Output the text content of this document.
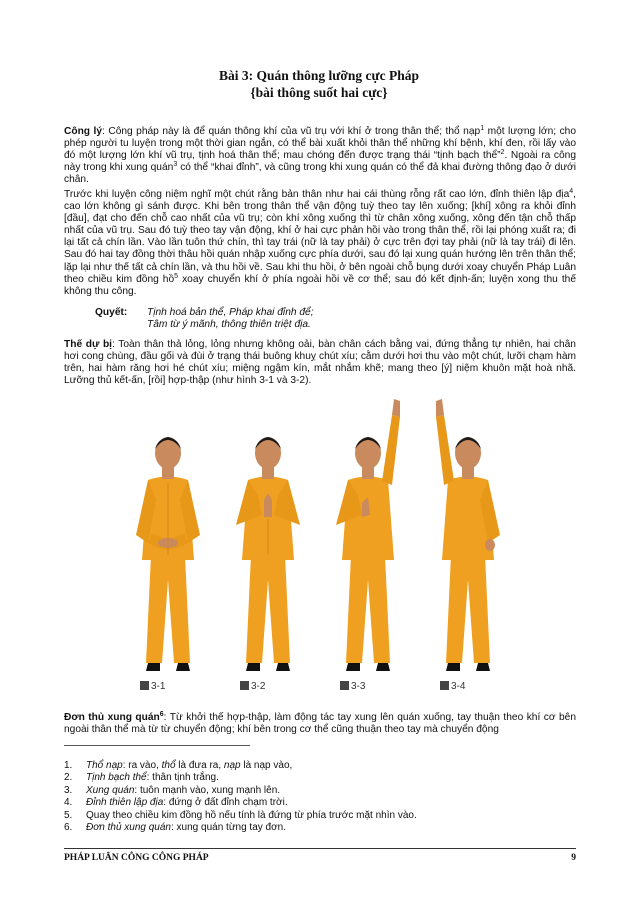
Bài 3: Quán thông lưỡng cực Pháp
{bài thông suốt hai cực}

Công lý: Công pháp này là để quán thông khí của vũ trụ với khí ở trong thân thể; thổ nạp$^1$ một lượng lớn; cho phép người tu luyện trong một thời gian ngắn, có thể bài xuất khỏi thân thể những khí bệnh, khí đen, rồi lấy vào đó một lượng lớn khí vũ trụ, tịnh hoá thân thể; mau chóng đến được trạng thái “tịnh bạch thể”$^2$. Ngoài ra công này trong khi xung quán$^3$ có thể “khai đỉnh”, và cũng trong khi xung quán có thể đả khai đường thông đạo ở dưới chân.

Trước khi luyện công niệm nghĩ một chút rằng bản thân như hai cái thùng rỗng rất cao lớn, đỉnh thiên lập địa$^4$, cao lớn không gì sánh được. Khi bên trong thân thể vận động tuỳ theo tay lên xuống; [khí] xông ra khỏi đỉnh [đầu], đạt cho đến chỗ cao nhất của vũ trụ; còn khí xông xuống thì từ chân xông xuống, xông đến tận chỗ thấp nhất của vũ trụ. Sau đó tuỳ theo tay vận động, khí ở hai cực phản hồi vào trong thân thể, rồi lại phóng xuất ra; đi lại tất cả chín lần. Vào lần tuôn thứ chín, thì tay trái (nữ là tay phải) ở cực trên đợi tay phải (nữ là tay trái) đi lên. Sau đó hai tay đồng thời thâu hồi quán nhập xuống cực phía dưới, sau đó lại xung quán hướng lên trên thân thể; lặp lại như thế tất cả chín lần, và thu hồi về. Sau khi thu hồi, ở bên ngoài chỗ bụng dưới xoay chuyển Pháp Luân theo chiều kim đồng hồ$^5$ xoay chuyển khí ở phía ngoài hồi về cơ thể; sau đó kết định-ấn; luyện xong thu thế không thu công.

Quyết: Tịnh hoá bản thể, Pháp khai đỉnh để;
Tâm từ ý mãnh, thông thiên triệt địa.

Thế dự bị: Toàn thân thả lỏng, lỏng nhưng không oải, bàn chân cách bằng vai, đứng thẳng tự nhiên, hai chân hơi cong chùng, đầu gối và đùi ở trạng thái buông khuỵ chút xíu; cằm dưới hơi thu vào một chút, lưỡi chạm hàm trên, hai hàm răng hơi hé chút xíu; miệng ngậm kín, mắt nhắm khẽ; mang theo [ý] niệm khuôn mặt hoà nhã. Lưỡng thủ kết-ấn, [rồi] hợp-thập (như hình 3-1 và 3-2).

3-1	3-2	3-3	3-4

Đơn thủ xung quán$^6$: Từ khởi thế hợp-thập, làm động tác tay xung lên quán xuống, tay thuận theo khí cơ bên ngoài thân thể mà từ từ chuyển động; khí bên trong cơ thể cũng thuận theo tay mà chuyển động

1.	Thổ nạp: ra vào, thổ là đưa ra, nạp là nạp vào,
2.	Tịnh bạch thể: thân tịnh trắng.
3.	Xung quán: tuôn mạnh vào, xung mạnh lên.
4.	Đỉnh thiên lập địa: đứng ở đất đỉnh chạm trời.
5.	Quay theo chiều kim đồng hồ nếu tính là đứng từ phía trước mặt nhìn vào.
6.	Đơn thủ xung quán: xung quán từng tay đơn.
PHÁP LUÂN CÔNG CÔNG PHÁP	9
